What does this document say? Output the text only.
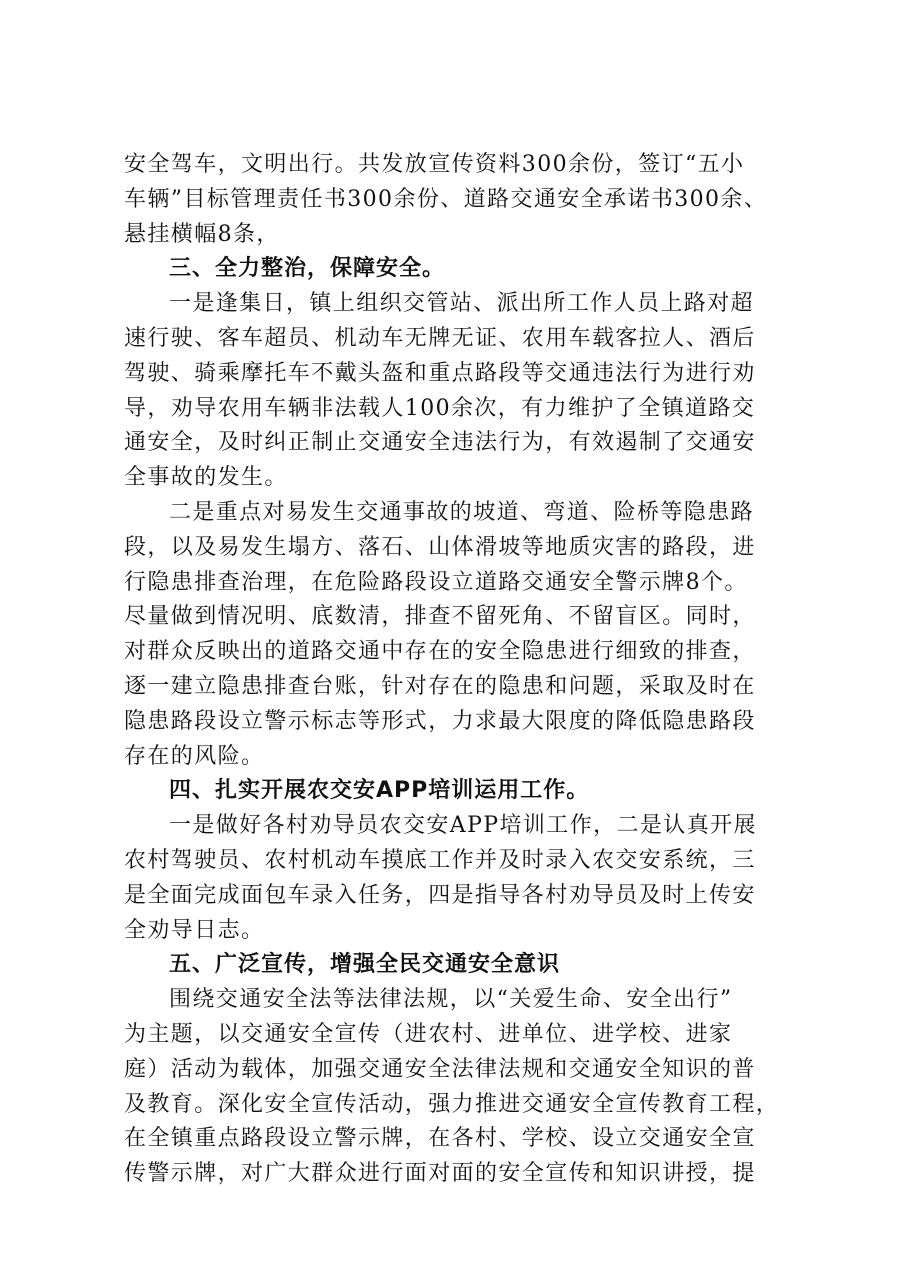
安全驾车，文明出行。共发放宣传资料300余份，签订“五小
车辆”目标管理责任书300余份、道路交通安全承诺书300余、
悬挂横幅8条，
三、全力整治，保障安全。
一是逢集日，镇上组织交管站、派出所工作人员上路对超
速行驶、客车超员、机动车无牌无证、农用车载客拉人、酒后
驾驶、骑乘摩托车不戴头盔和重点路段等交通违法行为进行劝
导，劝导农用车辆非法载人100余次，有力维护了全镇道路交
通安全，及时纠正制止交通安全违法行为，有效遏制了交通安
全事故的发生。
二是重点对易发生交通事故的坡道、弯道、险桥等隐患路
段，以及易发生塌方、落石、山体滑坡等地质灾害的路段，进
行隐患排查治理，在危险路段设立道路交通安全警示牌8个。
尽量做到情况明、底数清，排查不留死角、不留盲区。同时，
对群众反映出的道路交通中存在的安全隐患进行细致的排查，
逐一建立隐患排查台账，针对存在的隐患和问题，采取及时在
隐患路段设立警示标志等形式，力求最大限度的降低隐患路段
存在的风险。
四、扎实开展农交安APP培训运用工作。
一是做好各村劝导员农交安APP培训工作，二是认真开展
农村驾驶员、农村机动车摸底工作并及时录入农交安系统，三
是全面完成面包车录入任务，四是指导各村劝导员及时上传安
全劝导日志。
五、广泛宣传，增强全民交通安全意识
围绕交通安全法等法律法规，以“关爱生命、安全出行”
为主题，以交通安全宣传（进农村、进单位、进学校、进家
庭）活动为载体，加强交通安全法律法规和交通安全知识的普
及教育。深化安全宣传活动，强力推进交通安全宣传教育工程，
在全镇重点路段设立警示牌，在各村、学校、设立交通安全宣
传警示牌，对广大群众进行面对面的安全宣传和知识讲授，提
